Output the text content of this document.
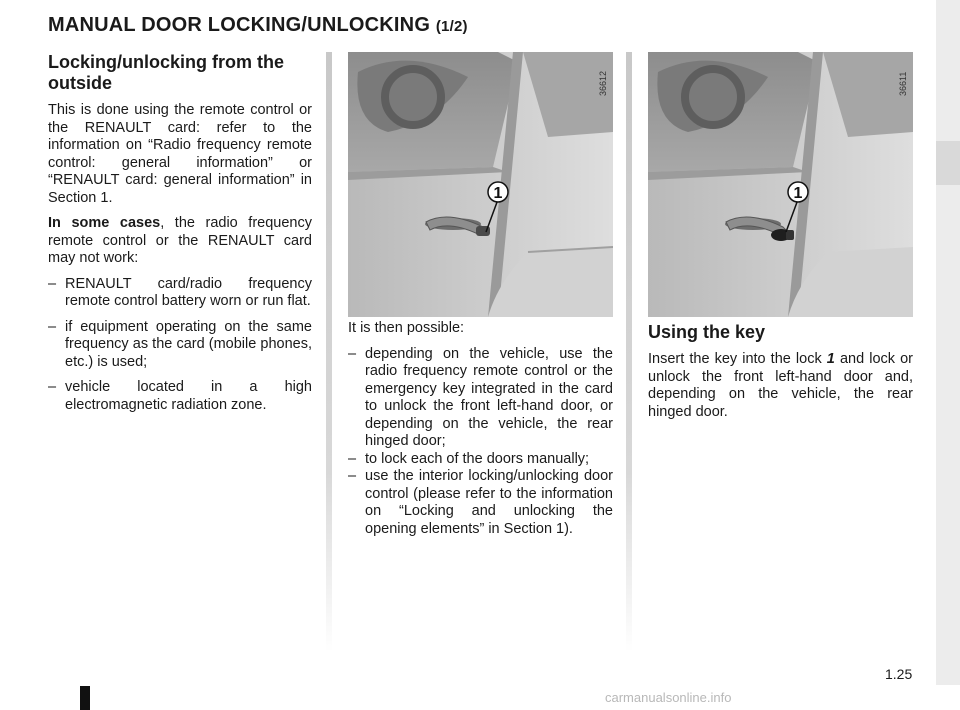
MANUAL DOOR LOCKING/UNLOCKING (1/2)
Locking/unlocking from the outside

This is done using the remote control or the RENAULT card: refer to the information on “Radio frequency remote control: general information” or “RENAULT card: general information” in Section 1.

In some cases, the radio frequency remote control or the RENAULT card may not work:

– RENAULT card/radio frequency remote control battery worn or run flat.
– if equipment operating on the same frequency as the card (mobile phones, etc.) is used;
– vehicle located in a high electromagnetic radiation zone.
1
36612
1
36611

It is then possible:

– depending on the vehicle, use the radio frequency remote control or the emergency key integrated in the card to unlock the front left-hand door, or depending on the vehicle, the rear hinged door;
– to lock each of the doors manually;
– use the interior locking/unlocking door control (please refer to the information on “Locking and unlocking the opening elements” in Section 1).
Using the key

Insert the key into the lock 1 and lock or unlock the front left-hand door and, depending on the vehicle, the rear hinged door.

1.25
carmanualsonline.info
